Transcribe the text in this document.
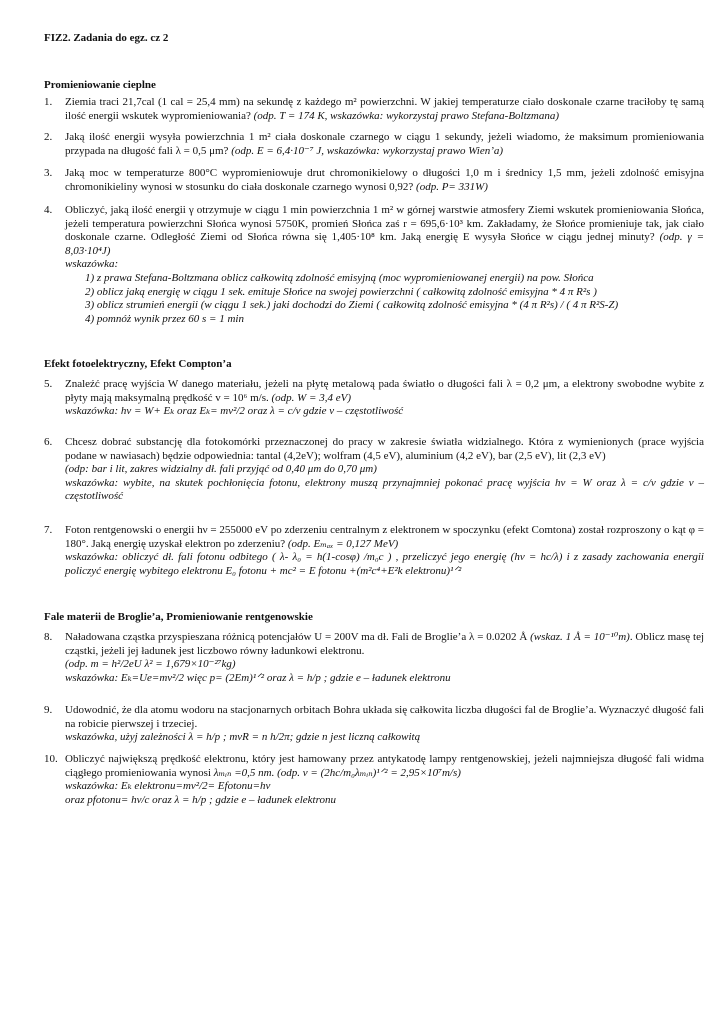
FIZ2. Zadania do egz. cz 2
Promieniowanie cieplne
1. Ziemia traci 21,7cal (1 cal = 25,4 mm) na sekundę z każdego m² powierzchni. W jakiej temperaturze ciało doskonale czarne traciłoby tę samą ilość energii wskutek wypromieniowania? (odp. T = 174 K, wskazówka: wykorzystaj prawo Stefana-Boltzmana)
2. Jaką ilość energii wysyła powierzchnia 1 m² ciała doskonale czarnego w ciągu 1 sekundy, jeżeli wiadomo, że maksimum promieniowania przypada na długość fali λ = 0,5 μm? (odp. E = 6,4·10⁻⁷ J, wskazówka: wykorzystaj prawo Wien’a)
3. Jaką moc w temperaturze 800°C wypromieniowuje drut chromonikielowy o długości 1,0 m i średnicy 1,5 mm, jeżeli zdolność emisyjna chromonikieliny wynosi w stosunku do ciała doskonale czarnego wynosi 0,92? (odp. P= 331W)
4. Obliczyć, jaką ilość energii γ otrzymuje w ciągu 1 min powierzchnia 1 m² w górnej warstwie atmosfery Ziemi wskutek promieniowania Słońca, jeżeli temperatura powierzchni Słońca wynosi 5750K, promień Słońca zaś r = 695,6·10³ km. Zakładamy, że Słońce promieniuje tak, jak ciało doskonale czarne. Odległość Ziemi od Słońca równa się 1,405·10⁸ km. Jaką energię E wysyła Słońce w ciągu jednej minuty? (odp. γ = 8,03·10⁴J)

wskazówka:

1) z prawa Stefana-Boltzmana oblicz całkowitą zdolność emisyjną (moc wypromieniowanej energii) na pow. Słońca
2) oblicz jaką energię w ciągu 1 sek. emituje Słońce na swojej powierzchni ( całkowitą zdolność emisyjna * 4 π R²s )
3) oblicz strumień energii (w ciągu 1 sek.) jaki dochodzi do Ziemi ( całkowitą zdolność emisyjna * (4 π R²s) / ( 4 π R²S-Z)
4) pomnóż wynik przez 60 s = 1 min
Efekt fotoelektryczny, Efekt Compton’a
5. Znaleźć pracę wyjścia W danego materiału, jeżeli na płytę metalową pada światło o długości fali λ = 0,2 μm, a elektrony swobodne wybite z płyty mają maksymalną prędkość v = 10⁶ m/s. (odp. W = 3,4 eV)

wskazówka: hν = W+ Eₖ oraz Eₖ= mv²/2 oraz λ = c/ν gdzie ν – częstotliwość

6. Chcesz dobrać substancję dla fotokomórki przeznaczonej do pracy w zakresie światła widzialnego. Która z wymienionych (prace wyjścia podane w nawiasach) będzie odpowiednia: tantal (4,2eV); wolfram (4,5 eV), aluminium (4,2 eV), bar (2,5 eV), lit (2,3 eV)

(odp: bar i lit, zakres widzialny dł. fali przyjąć od 0,40 μm do 0,70 μm)

wskazówka: wybite, na skutek pochłonięcia fotonu, elektrony muszą przynajmniej pokonać pracę wyjścia hν = W oraz λ = c/ν gdzie ν – częstotliwość

7. Foton rentgenowski o energii hν = 255000 eV po zderzeniu centralnym z elektronem w spoczynku (efekt Comtona) został rozproszony o kąt φ = 180°. Jaką energię uzyskał elektron po zderzeniu? (odp. Eₘₐₓ = 0,127 MeV)

wskazówka: obliczyć dł. fali fotonu odbitego ( λ- λ₀ = h(1-cosφ) /m₀c ) , przeliczyć jego energię (hν = hc/λ) i z zasady zachowania energii policzyć energię wybitego elektronu E₀ fotonu + mc² = E fotonu +(m²c⁴+E²k elektronu)¹ᐟ²

Fale materii de Broglie’a, Promieniowanie rentgenowskie
8. Naładowana cząstka przyspieszana różnicą potencjałów U = 200V ma dł. Fali de Broglie’a λ = 0.0202 Å (wskaz. 1 Å = 10⁻¹⁰m). Oblicz masę tej cząstki, jeżeli jej ładunek jest liczbowo równy ładunkowi elektronu.

(odp. m = h²/2eU λ² = 1,679×10⁻²⁷kg)

wskazówka: Eₖ=Ue=mv²/2 więc p= (2Em)¹ᐟ² oraz λ = h/p ; gdzie e – ładunek elektronu

9. Udowodnić, że dla atomu wodoru na stacjonarnych orbitach Bohra układa się całkowita liczba długości fal de Broglie’a. Wyznaczyć długość fali na robicie pierwszej i trzeciej.

wskazówka, użyj zależności λ = h/p ; mvR = n h/2π; gdzie n jest liczną całkowitą

10. Obliczyć największą prędkość elektronu, który jest hamowany przez antykatodę lampy rentgenowskiej, jeżeli najmniejsza długość fali widma ciągłego promieniowania wynosi λₘᵢₙ =0,5 nm. (odp. v = (2hc/m₀λₘᵢₙ)¹ᐟ² = 2,95×10⁷m/s)

wskazówka: Eₖ elektronu=mv²/2= Efotonu=hν

oraz pfotonu= hν/c oraz λ = h/p ; gdzie e – ładunek elektronu
